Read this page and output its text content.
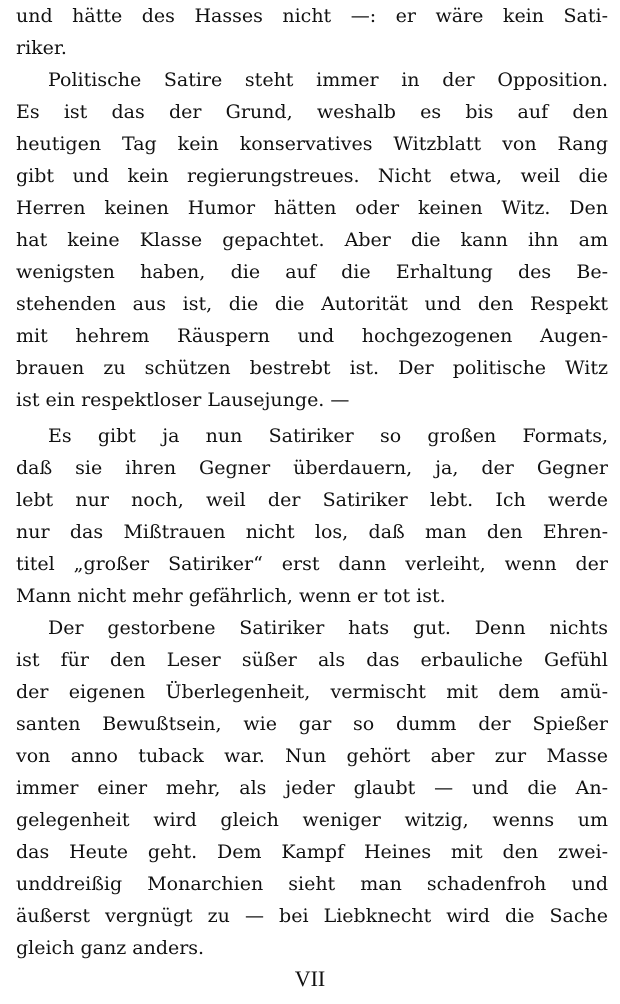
und hätte des Hasses nicht —: er wäre kein Sati-
riker.
Politische Satire steht immer in der Opposition.
Es ist das der Grund, weshalb es bis auf den
heutigen Tag kein konservatives Witzblatt von Rang
gibt und kein regierungstreues. Nicht etwa, weil die
Herren keinen Humor hätten oder keinen Witz. Den
hat keine Klasse gepachtet. Aber die kann ihn am
wenigsten haben, die auf die Erhaltung des Be-
stehenden aus ist, die die Autorität und den Respekt
mit hehrem Räuspern und hochgezogenen Augen-
brauen zu schützen bestrebt ist. Der politische Witz
ist ein respektloser Lausejunge. —
Es gibt ja nun Satiriker so großen Formats,
daß sie ihren Gegner überdauern, ja, der Gegner
lebt nur noch, weil der Satiriker lebt. Ich werde
nur das Mißtrauen nicht los, daß man den Ehren-
titel „großer Satiriker“ erst dann verleiht, wenn der
Mann nicht mehr gefährlich, wenn er tot ist.
Der gestorbene Satiriker hats gut. Denn nichts
ist für den Leser süßer als das erbauliche Gefühl
der eigenen Überlegenheit, vermischt mit dem amü-
santen Bewußtsein, wie gar so dumm der Spießer
von anno tuback war. Nun gehört aber zur Masse
immer einer mehr, als jeder glaubt — und die An-
gelegenheit wird gleich weniger witzig, wenns um
das Heute geht. Dem Kampf Heines mit den zwei-
unddreißig Monarchien sieht man schadenfroh und
äußerst vergnügt zu — bei Liebknecht wird die Sache
gleich ganz anders.
VII
